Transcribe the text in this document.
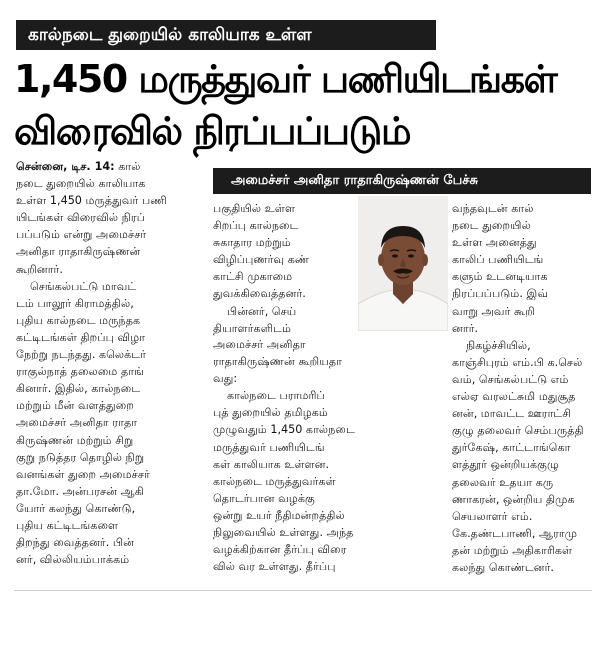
கால்நடை துறையில் காலியாக உள்ள
1,450 மருத்துவர் பணியிடங்கள்
விரைவில் நிரப்பப்படும்
சென்னை, டிச. 14: கால்
நடை துறையில் காலியாக
உள்ள 1,450 மருத்துவர் பணி
யிடங்கள் விரைவில் நிரப்
பப்படும் என்று அமைச்சர்
அனிதா ராதாகிருஷ்ணன்
கூறினார்.
செங்கல்பட்டு மாவட்
டம் பாலூர் கிராமத்தில்,
புதிய கால்நடை மருந்தக
கட்டிடங்கள் திறப்பு விழா
நேற்று நடந்தது. கலெக்டர்
ராகுல்நாத் தலைமை தாங்
கினார். இதில், கால்நடை
மற்றும் மீன் வளத்துறை
அமைச்சர் அனிதா ராதா
கிருஷ்ணன் மற்றும் சிறு
குறு நடுத்தர தொழில் நிறு
வனங்கள் துறை அமைச்சர்
தா.மோ. அன்பரசன் ஆகி
யோர் கலந்து கொண்டு,
புதிய கட்டிடங்களை
திறந்து வைத்தனர். பின்
னர், வில்லியம்பாக்கம்
அமைச்சர் அனிதா ராதாகிருஷ்ணன் பேச்சு
பகுதியில் உள்ள
சிறப்பு கால்நடை
சுகாதார மற்றும்
விழிப்புணர்வு கண்
காட்சி முகாமை
துவக்கிவைத்தனர்.
பின்னர், செய்
தியாளர்களிடம்
அமைச்சர் அனிதா
ராதாகிருஷ்ணன் கூறியதா
வது:
கால்நடை பராமரிப்
புத் துறையில் தமிழகம்
முழுவதும் 1,450 கால்நடை
மருத்துவர் பணியிடங்
கள் காலியாக உள்ளன.
கால்நடை மருத்துவர்கள்
தொடர்பான வழக்கு
ஒன்று உயர் நீதிமன்றத்தில்
நிலுவையில் உள்ளது. அந்த
வழக்கிற்கான தீர்ப்பு விரை
வில் வர உள்ளது. தீர்ப்பு
வந்தவுடன் கால்
நடை துறையில்
உள்ள அனைத்து
காலிப் பணியிடங்
களும் உடனடியாக
நிரப்பப்படும். இவ்
வாறு அவர் கூறி
னார்.
நிகழ்ச்சியில்,
காஞ்சிபுரம் எம்.பி க.செல்
வம், செங்கல்பட்டு எம்
எல்ஏ வரலட்சுமி மதுசூத
னன், மாவட்ட ஊராட்சி
குழு தலைவர் செம்பருத்தி
துர்கேஷ், காட்டாங்கொ
ளத்தூர் ஒன்றியக்குழு
தலைவர் உதயா கரு
ணாகரன், ஒன்றிய திமுக
செயலாளர் எம்.
கே.தண்டபாணி, ஆராமு
தன் மற்றும் அதிகாரிகள்
கலந்து கொண்டனர்.
